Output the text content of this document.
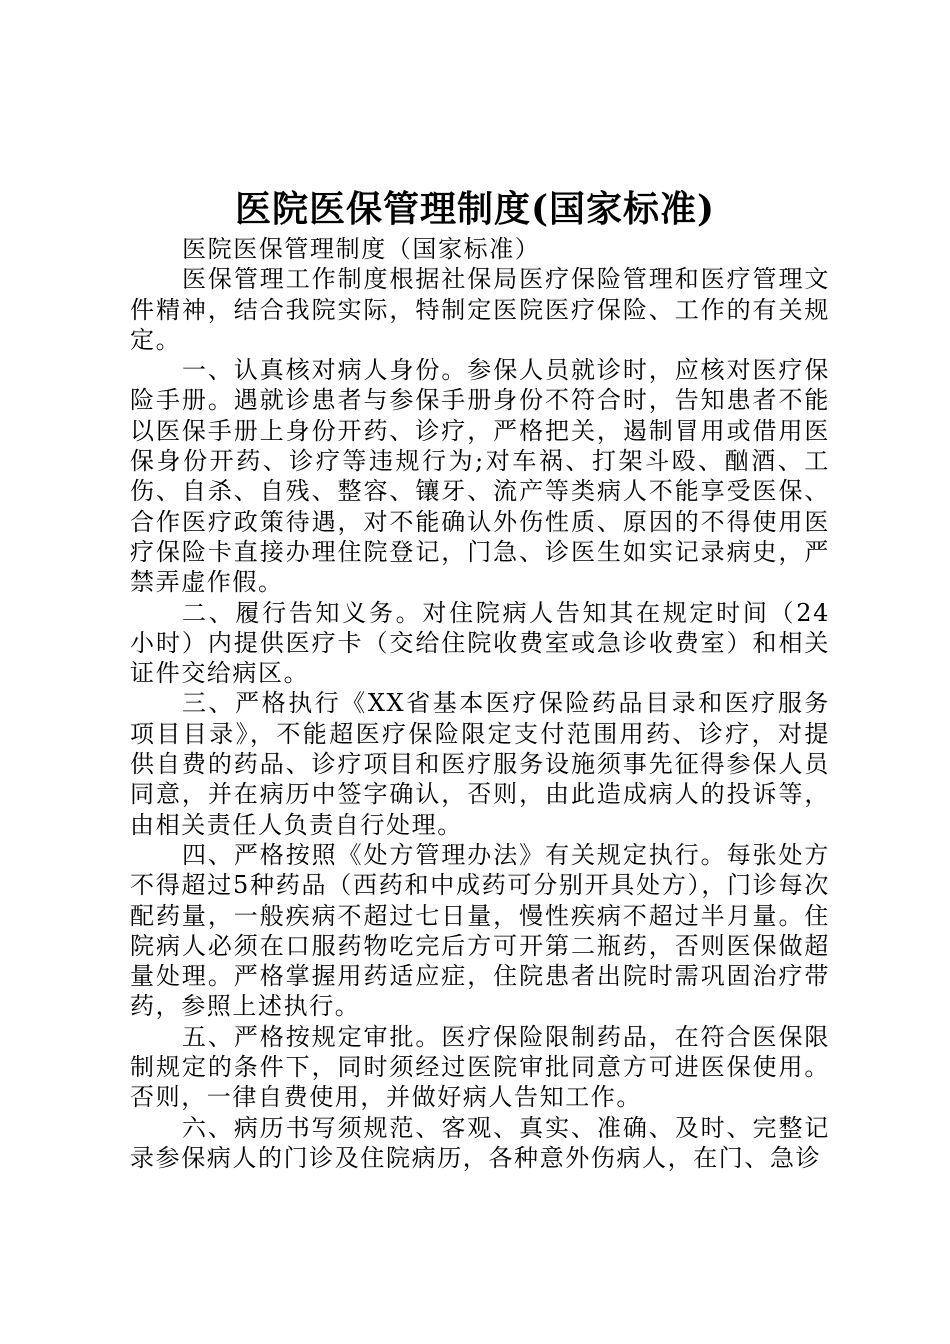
医院医保管理制度(国家标准)

医院医保管理制度（国家标准）

医保管理工作制度根据社保局医疗保险管理和医疗管理文件精神，结合我院实际，特制定医院医疗保险、工作的有关规定。

一、认真核对病人身份。参保人员就诊时，应核对医疗保险手册。遇就诊患者与参保手册身份不符合时，告知患者不能以医保手册上身份开药、诊疗，严格把关，遏制冒用或借用医保身份开药、诊疗等违规行为;对车祸、打架斗殴、酗酒、工伤、自杀、自残、整容、镶牙、流产等类病人不能享受医保、合作医疗政策待遇，对不能确认外伤性质、原因的不得使用医疗保险卡直接办理住院登记，门急、诊医生如实记录病史，严禁弄虚作假。

二、履行告知义务。对住院病人告知其在规定时间（24小时）内提供医疗卡（交给住院收费室或急诊收费室）和相关证件交给病区。

三、严格执行《XX省基本医疗保险药品目录和医疗服务项目目录》，不能超医疗保险限定支付范围用药、诊疗，对提供自费的药品、诊疗项目和医疗服务设施须事先征得参保人员同意，并在病历中签字确认，否则，由此造成病人的投诉等，由相关责任人负责自行处理。

四、严格按照《处方管理办法》有关规定执行。每张处方不得超过5种药品（西药和中成药可分别开具处方），门诊每次配药量，一般疾病不超过七日量，慢性疾病不超过半月量。住院病人必须在口服药物吃完后方可开第二瓶药，否则医保做超量处理。严格掌握用药适应症，住院患者出院时需巩固治疗带药，参照上述执行。

五、严格按规定审批。医疗保险限制药品，在符合医保限制规定的条件下，同时须经过医院审批同意方可进医保使用。否则，一律自费使用，并做好病人告知工作。

六、病历书写须规范、客观、真实、准确、及时、完整记录参保病人的门诊及住院病历，各种意外伤病人，在门、急诊
